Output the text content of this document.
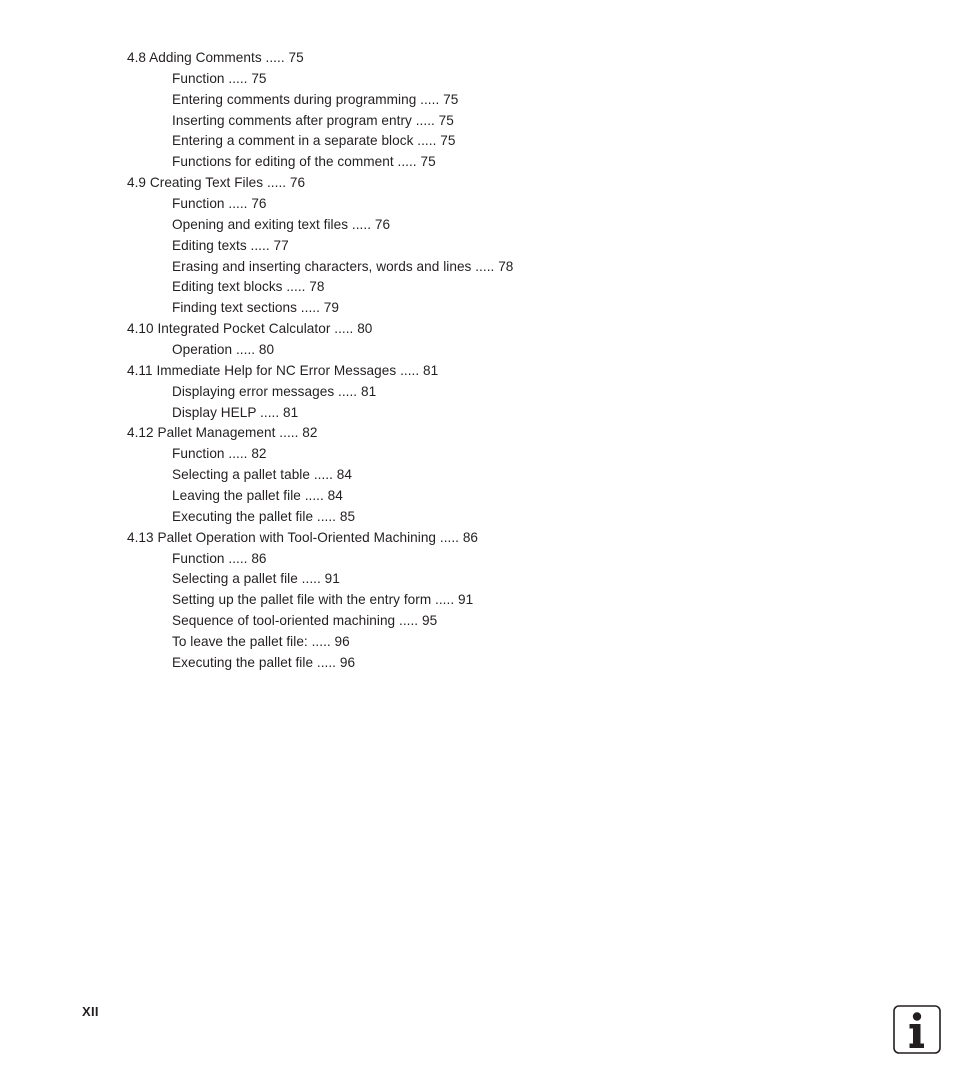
4.8 Adding Comments ..... 75
Function ..... 75
Entering comments during programming ..... 75
Inserting comments after program entry ..... 75
Entering a comment in a separate block ..... 75
Functions for editing of the comment ..... 75
4.9 Creating Text Files ..... 76
Function ..... 76
Opening and exiting text files ..... 76
Editing texts ..... 77
Erasing and inserting characters, words and lines ..... 78
Editing text blocks ..... 78
Finding text sections ..... 79
4.10 Integrated Pocket Calculator ..... 80
Operation ..... 80
4.11 Immediate Help for NC Error Messages ..... 81
Displaying error messages ..... 81
Display HELP ..... 81
4.12 Pallet Management ..... 82
Function ..... 82
Selecting a pallet table ..... 84
Leaving the pallet file ..... 84
Executing the pallet file ..... 85
4.13 Pallet Operation with Tool-Oriented Machining ..... 86
Function ..... 86
Selecting a pallet file ..... 91
Setting up the pallet file with the entry form ..... 91
Sequence of tool-oriented machining ..... 95
To leave the pallet file: ..... 96
Executing the pallet file ..... 96
XII
